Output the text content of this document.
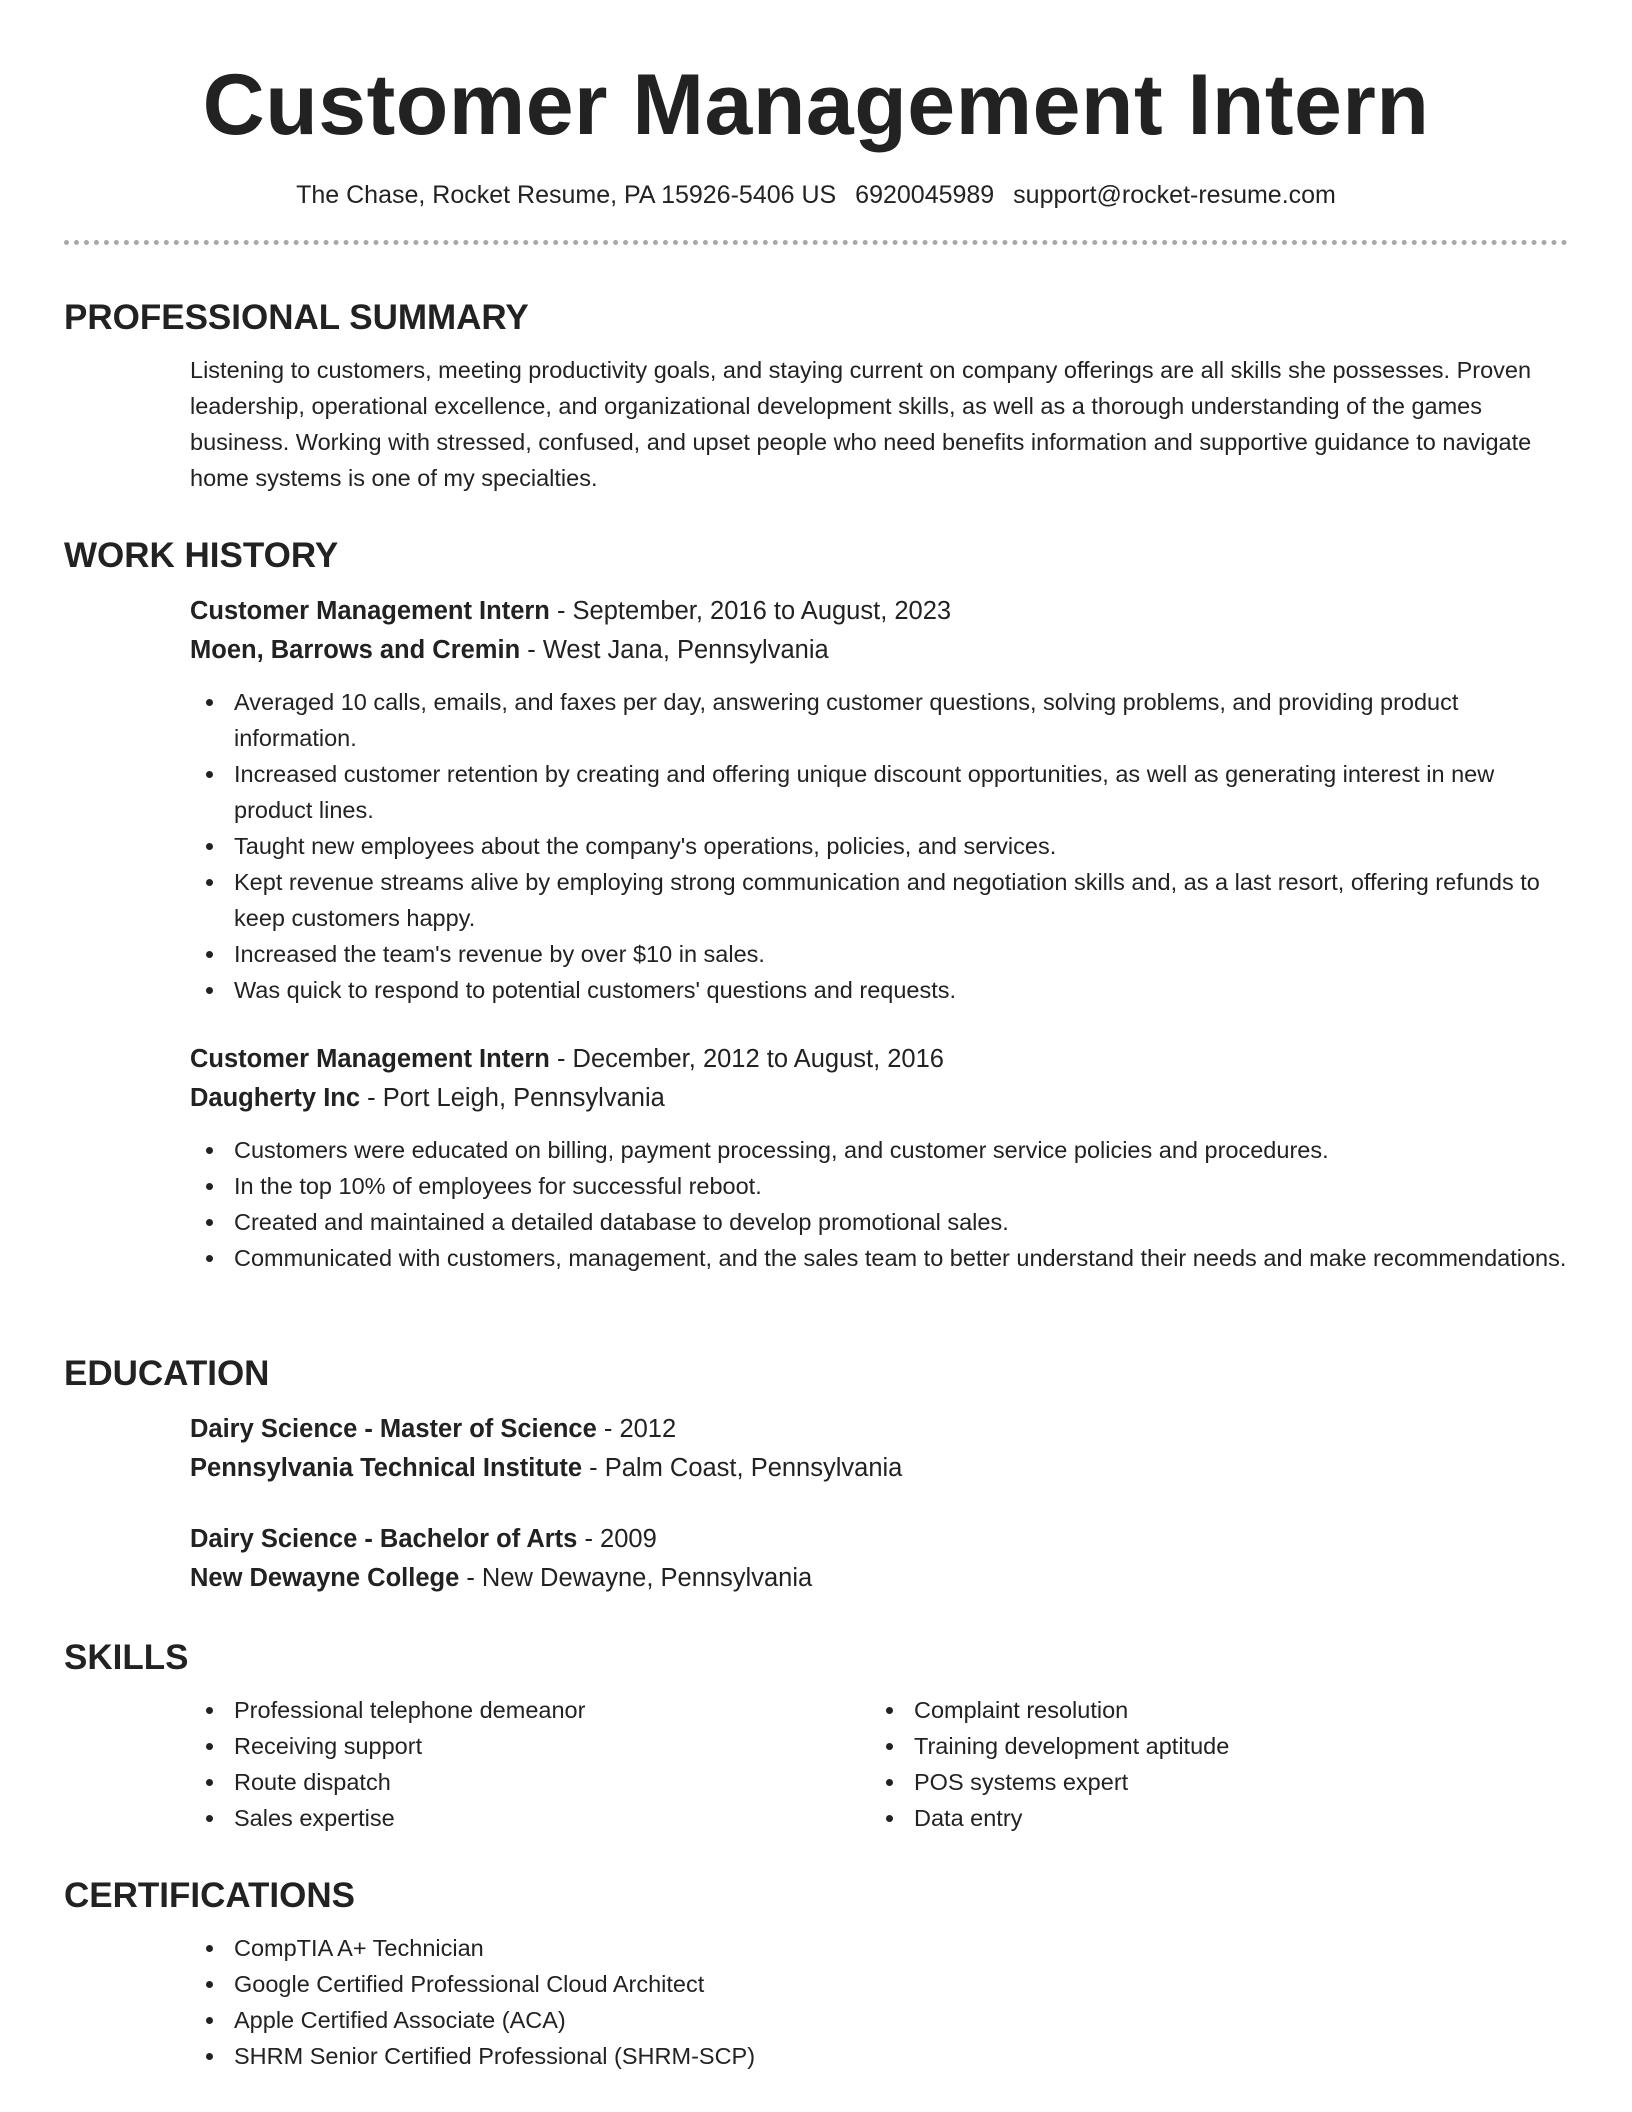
Customer Management Intern
The Chase, Rocket Resume, PA 15926-5406 US 6920045989 support@rocket-resume.com
PROFESSIONAL SUMMARY
Listening to customers, meeting productivity goals, and staying current on company offerings are all skills she possesses. Proven leadership, operational excellence, and organizational development skills, as well as a thorough understanding of the games business. Working with stressed, confused, and upset people who need benefits information and supportive guidance to navigate home systems is one of my specialties.
WORK HISTORY
Customer Management Intern - September, 2016 to August, 2023
Moen, Barrows and Cremin - West Jana, Pennsylvania
Averaged 10 calls, emails, and faxes per day, answering customer questions, solving problems, and providing product information.
Increased customer retention by creating and offering unique discount opportunities, as well as generating interest in new product lines.
Taught new employees about the company's operations, policies, and services.
Kept revenue streams alive by employing strong communication and negotiation skills and, as a last resort, offering refunds to keep customers happy.
Increased the team's revenue by over $10 in sales.
Was quick to respond to potential customers' questions and requests.
Customer Management Intern - December, 2012 to August, 2016
Daugherty Inc - Port Leigh, Pennsylvania
Customers were educated on billing, payment processing, and customer service policies and procedures.
In the top 10% of employees for successful reboot.
Created and maintained a detailed database to develop promotional sales.
Communicated with customers, management, and the sales team to better understand their needs and make recommendations.
EDUCATION
Dairy Science - Master of Science - 2012
Pennsylvania Technical Institute - Palm Coast, Pennsylvania
Dairy Science - Bachelor of Arts - 2009
New Dewayne College - New Dewayne, Pennsylvania
SKILLS
Professional telephone demeanor
Receiving support
Route dispatch
Sales expertise
Complaint resolution
Training development aptitude
POS systems expert
Data entry
CERTIFICATIONS
CompTIA A+ Technician
Google Certified Professional Cloud Architect
Apple Certified Associate (ACA)
SHRM Senior Certified Professional (SHRM-SCP)
